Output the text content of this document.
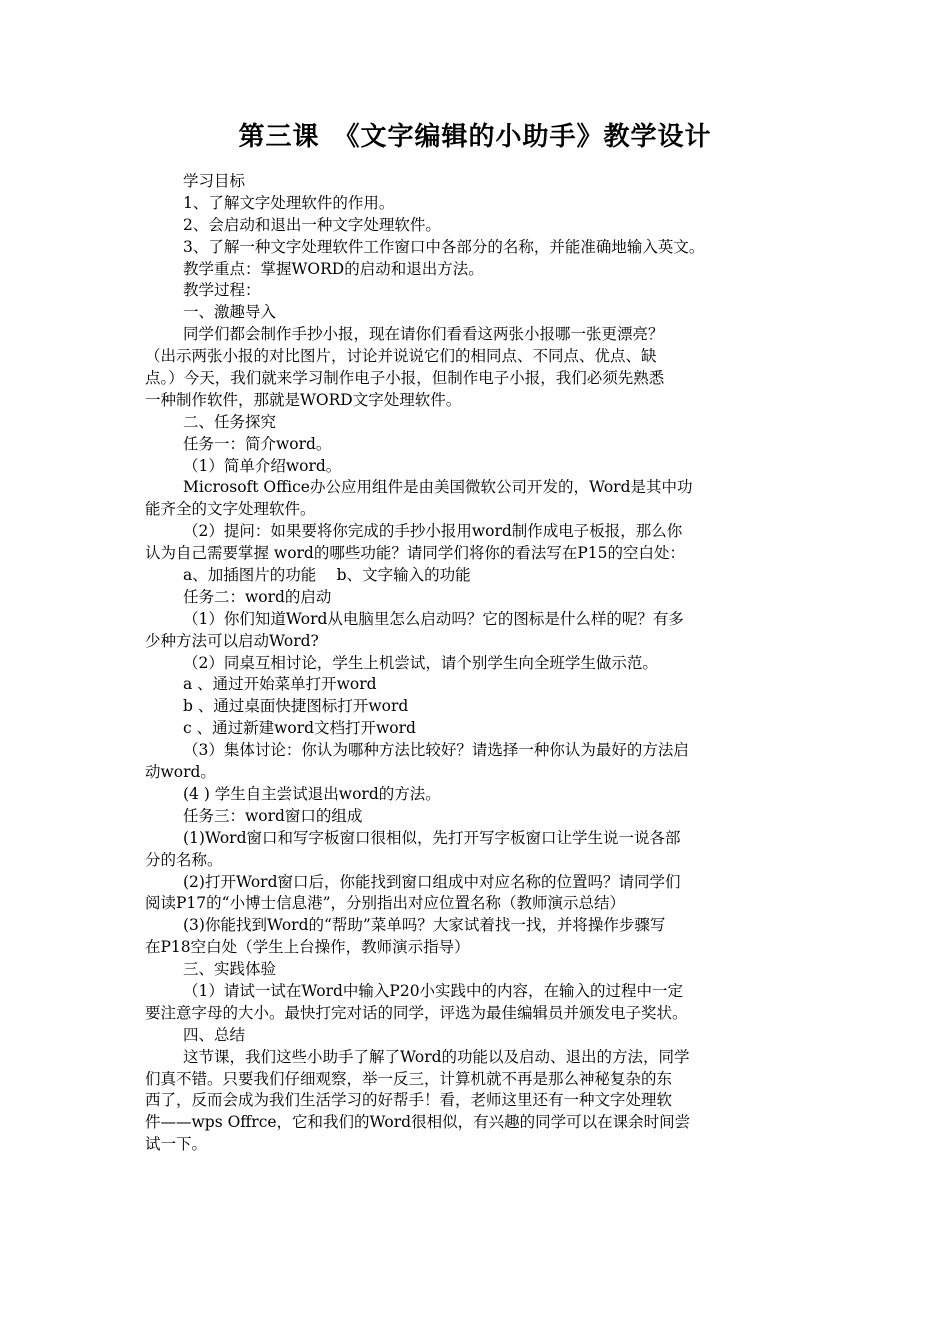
第三课　《文字编辑的小助手》教学设计
学习目标
1、了解文字处理软件的作用。
2、会启动和退出一种文字处理软件。
3、了解一种文字处理软件工作窗口中各部分的名称，并能准确地输入英文。
教学重点：掌握WORD的启动和退出方法。
教学过程：
一、激趣导入
同学们都会制作手抄小报，现在请你们看看这两张小报哪一张更漂亮？
（出示两张小报的对比图片，讨论并说说它们的相同点、不同点、优点、缺
点。）今天，我们就来学习制作电子小报，但制作电子小报，我们必须先熟悉
一种制作软件，那就是WORD文字处理软件。
二、任务探究
任务一：简介word。
（1）简单介绍word。
Microsoft Office办公应用组件是由美国微软公司开发的，Word是其中功
能齐全的文字处理软件。
（2）提问：如果要将你完成的手抄小报用word制作成电子板报，那么你
认为自己需要掌握 word的哪些功能？请同学们将你的看法写在P15的空白处：
a、加插图片的功能　 b、文字输入的功能
任务二：word的启动
（1）你们知道Word从电脑里怎么启动吗？它的图标是什么样的呢？有多
少种方法可以启动Word?
（2）同桌互相讨论，学生上机尝试，请个别学生向全班学生做示范。
a 、通过开始菜单打开word
b 、通过桌面快捷图标打开word
c 、通过新建word文档打开word
（3）集体讨论：你认为哪种方法比较好？请选择一种你认为最好的方法启
动word。
(4 ) 学生自主尝试退出word的方法。
任务三：word窗口的组成
(1)Word窗口和写字板窗口很相似，先打开写字板窗口让学生说一说各部
分的名称。
(2)打开Word窗口后，你能找到窗口组成中对应名称的位置吗？请同学们
阅读P17的“小博士信息港”，分别指出对应位置名称（教师演示总结）
(3)你能找到Word的“帮助”菜单吗？大家试着找一找，并将操作步骤写
在P18空白处（学生上台操作，教师演示指导）
三、实践体验
（1）请试一试在Word中输入P20小实践中的内容，在输入的过程中一定
要注意字母的大小。最快打完对话的同学，评选为最佳编辑员并颁发电子奖状。
四、总结
这节课，我们这些小助手了解了Word的功能以及启动、退出的方法，同学
们真不错。只要我们仔细观察，举一反三，计算机就不再是那么神秘复杂的东
西了，反而会成为我们生活学习的好帮手！看，老师这里还有一种文字处理软
件——wps Offrce，它和我们的Word很相似，有兴趣的同学可以在课余时间尝
试一下。
